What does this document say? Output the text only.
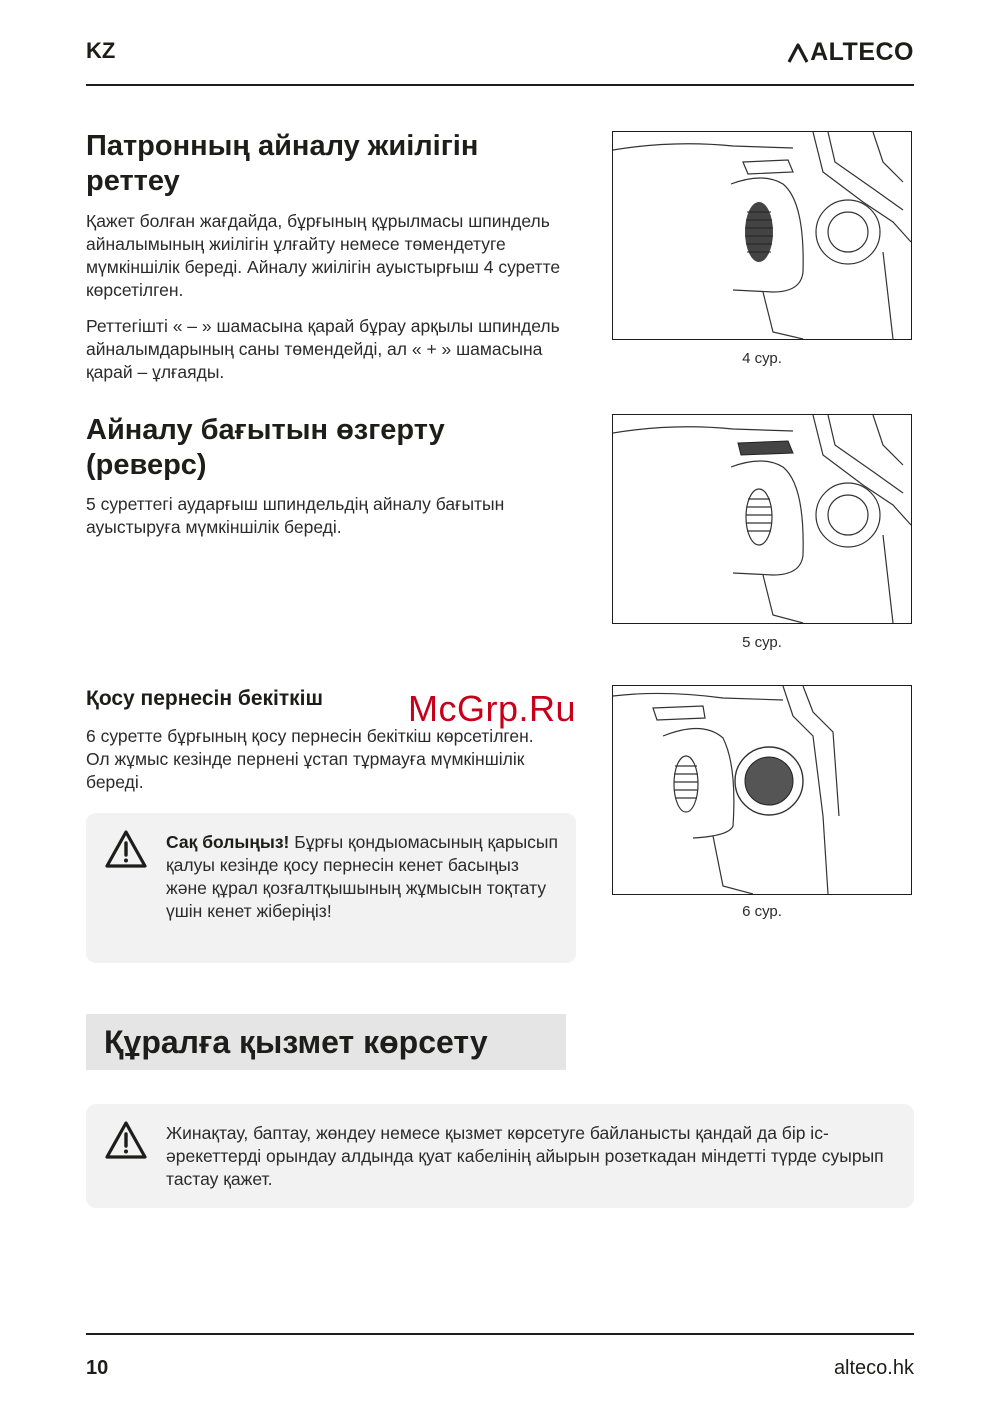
KZ	ALTECO
Патронның айналу жиілігін реттеу
Қажет болған жағдайда, бұрғының құрылмасы шпиндель айналымының жиілігін ұлғайту немесе төмендетуге мүмкіншілік береді. Айналу жиілігін ауыстырғыш 4 суретте көрсетілген.
Реттегішті « – » шамасына қарай бұрау арқылы шпиндель айналымдарының саны төмендейді, ал « + » шамасына қарай – ұлғаяды.
4 сур.
Айналу бағытын өзгерту (реверс)
5 суреттегі аударғыш шпиндельдің айналу бағытын ауыстыруға мүмкіншілік береді.
5 сур.
Қосу пернесін бекіткіш
6 суретте бұрғының қосу пернесін бекіткіш көрсетілген. Ол жұмыс кезінде пернені ұстап тұрмауға мүмкіншілік береді.
McGrp.Ru
6 сур.
Сақ болыңыз! Бұрғы қондыомасының қарысып қалуы кезінде қосу пернесін кенет басыңыз және құрал қозғалтқышының жұмысын тоқтату үшін кенет жіберіңіз!
Құралға қызмет көрсету
Жинақтау, баптау, жөндеу немесе қызмет көрсетуге байланысты қандай да бір іс-әрекеттерді орындау алдында қуат кабелінің айырын розеткадан міндетті түрде суырып тастау қажет.
10	alteco.hk
